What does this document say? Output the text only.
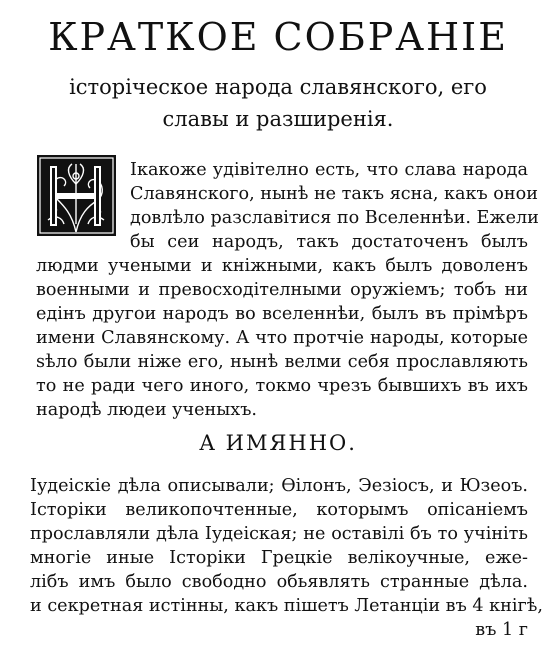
КРАТКОЕ СОБРАНІЕ
історіческое народа славянского, его
славы и разширенія.
Ікакоже удівітелно есть, что слава народа
Славянского, нынѣ не такъ ясна, какъ онои
довлѣло разславітися по Вселеннѣи. Ежели
бы сеи народъ, такъ достаточенъ былъ
людми учеными и кнiжными, какъ былъ доволенъ
военными и превосходітелными оружіемъ; тобъ ни
едінъ другои народъ во вселеннѣи, былъ въ прімѣръ
имени Славянскому. А что протчіе народы, которые
ѕѣло были ніже его, нынѣ велми себя прославляють
то не ради чего иного, токмо чрезъ бывшихъ въ ихъ
народѣ людеи ученыхъ.
А ИМЯННО.
Іудеіскіе дѣла описывали; Өілонъ, Эезіосъ, и Юзеоъ.
Історіки великопочтенные, которымъ опісаніемъ
прославляли дѣла Іудеіская; не оставілі бъ то учініть
многіе иные Історіки Грецкіе велікоучные, еже-
лібъ имъ было свободно обьявлять странные дѣла.
и секретная истінны, какъ пішетъ Летанціи въ 4 кнігѣ,
въ 1 г
